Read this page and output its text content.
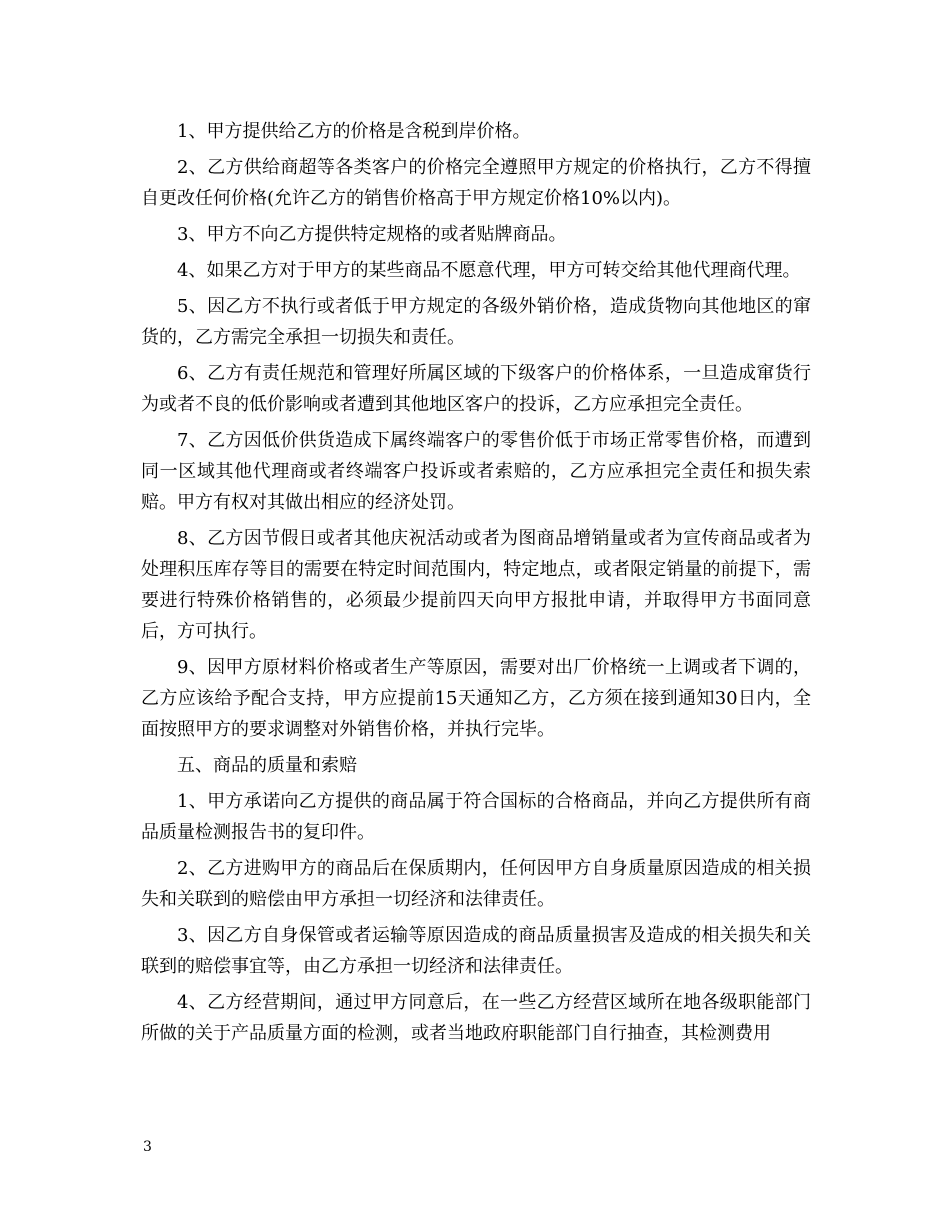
1、甲方提供给乙方的价格是含税到岸价格。

2、乙方供给商超等各类客户的价格完全遵照甲方规定的价格执行，乙方不得擅自更改任何价格(允许乙方的销售价格高于甲方规定价格10%以内)。

3、甲方不向乙方提供特定规格的或者贴牌商品。

4、如果乙方对于甲方的某些商品不愿意代理，甲方可转交给其他代理商代理。

5、因乙方不执行或者低于甲方规定的各级外销价格，造成货物向其他地区的窜货的，乙方需完全承担一切损失和责任。

6、乙方有责任规范和管理好所属区域的下级客户的价格体系，一旦造成窜货行为或者不良的低价影响或者遭到其他地区客户的投诉，乙方应承担完全责任。

7、乙方因低价供货造成下属终端客户的零售价低于市场正常零售价格，而遭到同一区域其他代理商或者终端客户投诉或者索赔的，乙方应承担完全责任和损失索赔。甲方有权对其做出相应的经济处罚。

8、乙方因节假日或者其他庆祝活动或者为图商品增销量或者为宣传商品或者为处理积压库存等目的需要在特定时间范围内，特定地点，或者限定销量的前提下，需要进行特殊价格销售的，必须最少提前四天向甲方报批申请，并取得甲方书面同意后，方可执行。

9、因甲方原材料价格或者生产等原因，需要对出厂价格统一上调或者下调的，乙方应该给予配合支持，甲方应提前15天通知乙方，乙方须在接到通知30日内，全面按照甲方的要求调整对外销售价格，并执行完毕。

五、商品的质量和索赔

1、甲方承诺向乙方提供的商品属于符合国标的合格商品，并向乙方提供所有商品质量检测报告书的复印件。

2、乙方进购甲方的商品后在保质期内，任何因甲方自身质量原因造成的相关损失和关联到的赔偿由甲方承担一切经济和法律责任。

3、因乙方自身保管或者运输等原因造成的商品质量损害及造成的相关损失和关联到的赔偿事宜等，由乙方承担一切经济和法律责任。

4、乙方经营期间，通过甲方同意后，在一些乙方经营区域所在地各级职能部门所做的关于产品质量方面的检测，或者当地政府职能部门自行抽查，其检测费用

3
